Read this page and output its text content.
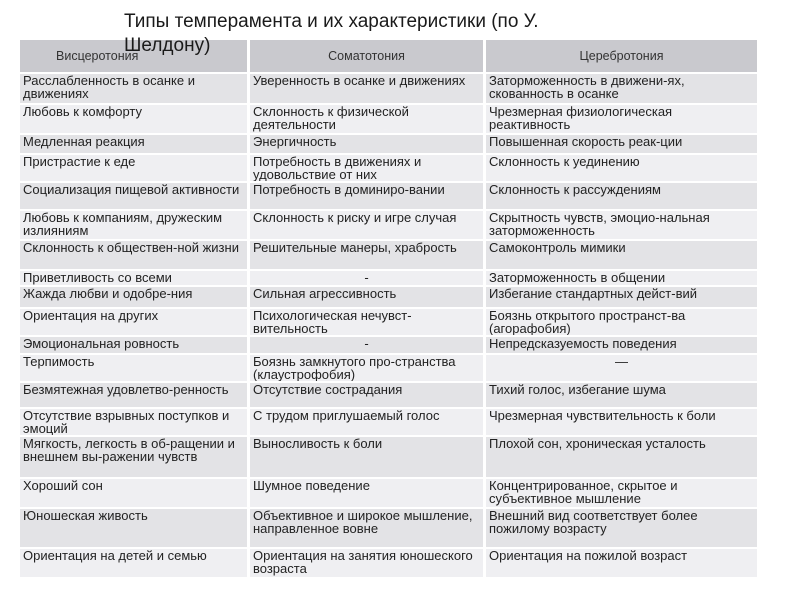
Типы темперамента и их характеристики (по У. Шелдону)
Висцеротония	Соматотония	Церебротония
Расслабленность в осанке и движениях	Уверенность в осанке и движениях	Заторможенность в движени-ях, скованность в осанке
Любовь к комфорту	Склонность к физической деятельности	Чрезмерная физиологическая реактивность
Медленная реакция	Энергичность	Повышенная скорость реак-ции
Пристрастие к еде	Потребность в движениях и удовольствие от них	Склонность к уединению
Социализация пищевой активности	Потребность в доминиро-вании	Склонность к рассуждениям
Любовь к компаниям, дружеским излияниям	Склонность к риску и игре случая	Скрытность чувств, эмоцио-нальная заторможенность
Склонность к обществен-ной жизни	Решительные манеры, храбрость	Самоконтроль мимики
Приветливость со всеми	-	Заторможенность в общении
Жажда любви и одобре-ния	Сильная агрессивность	Избегание стандартных дейст-вий
Ориентация на других	Психологическая нечувст-вительность	Боязнь открытого пространст-ва (агорафобия)
Эмоциональная ровность	-	Непредсказуемость поведения
Терпимость	Боязнь замкнутого про-странства (клаустрофобия)	—
Безмятежная удовлетво-ренность	Отсутствие сострадания	Тихий голос, избегание шума
Отсутствие взрывных поступков и эмоций	С трудом приглушаемый голос	Чрезмерная чувствительность к боли
Мягкость, легкость в об-ращении и внешнем вы-ражении чувств	Выносливость к боли	Плохой сон, хроническая усталость
Хороший сон	Шумное поведение	Концентрированное, скрытое и субъективное мышление
Юношеская живость	Объективное и широкое мышление, направленное вовне	Внешний вид соответствует более пожилому возрасту
Ориентация на детей и семью	Ориентация на занятия юношеского возраста	Ориентация на пожилой возраст
